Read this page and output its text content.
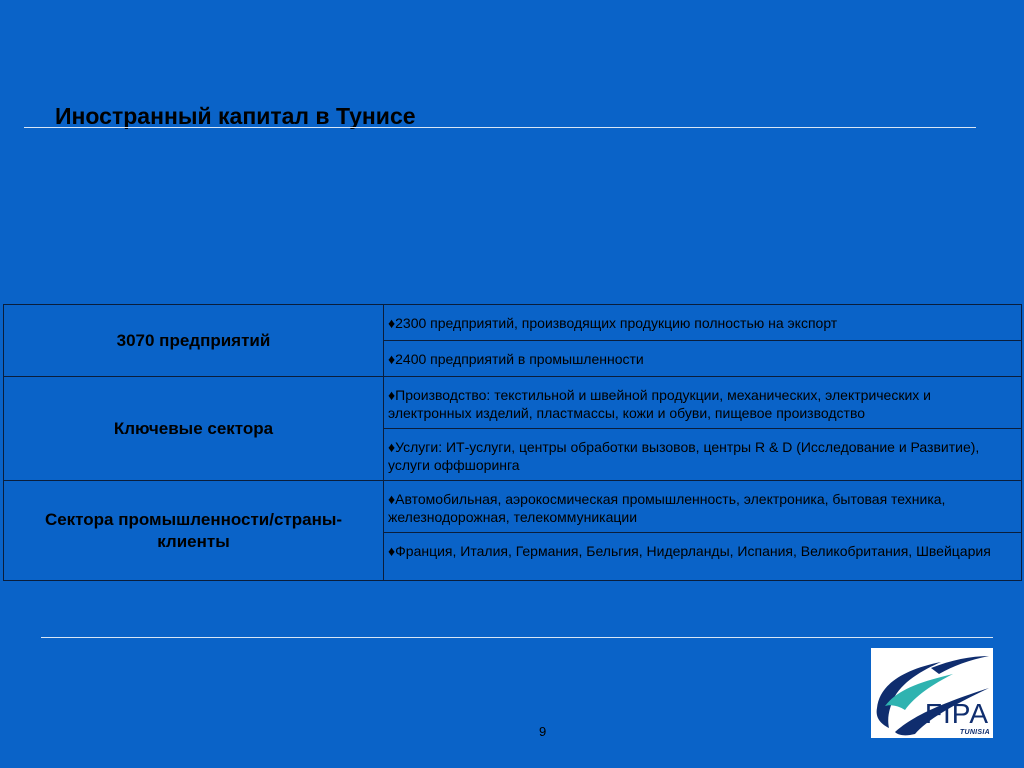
Иностранный капитал в Тунисе
3070 предприятий	♦2300 предприятий, производящих продукцию полностью на экспорт

	♦2400 предприятий в промышленности

Ключевые сектора	♦Производство: текстильной и швейной продукции, механических, электрических и электронных изделий, пластмассы, кожи и обуви, пищевое производство

	♦Услуги: ИТ-услуги, центры обработки вызовов, центры R & D (Исследование и Развитие), услуги оффшоринга

Сектора промышленности/страны-клиенты	♦Автомобильная, аэрокосмическая промышленность, электроника, бытовая техника, железнодорожная, телекоммуникации

	♦Франция, Италия, Германия, Бельгия, Нидерланды, Испания, Великобритания, Швейцария
9
FIPA
TUNISIA
